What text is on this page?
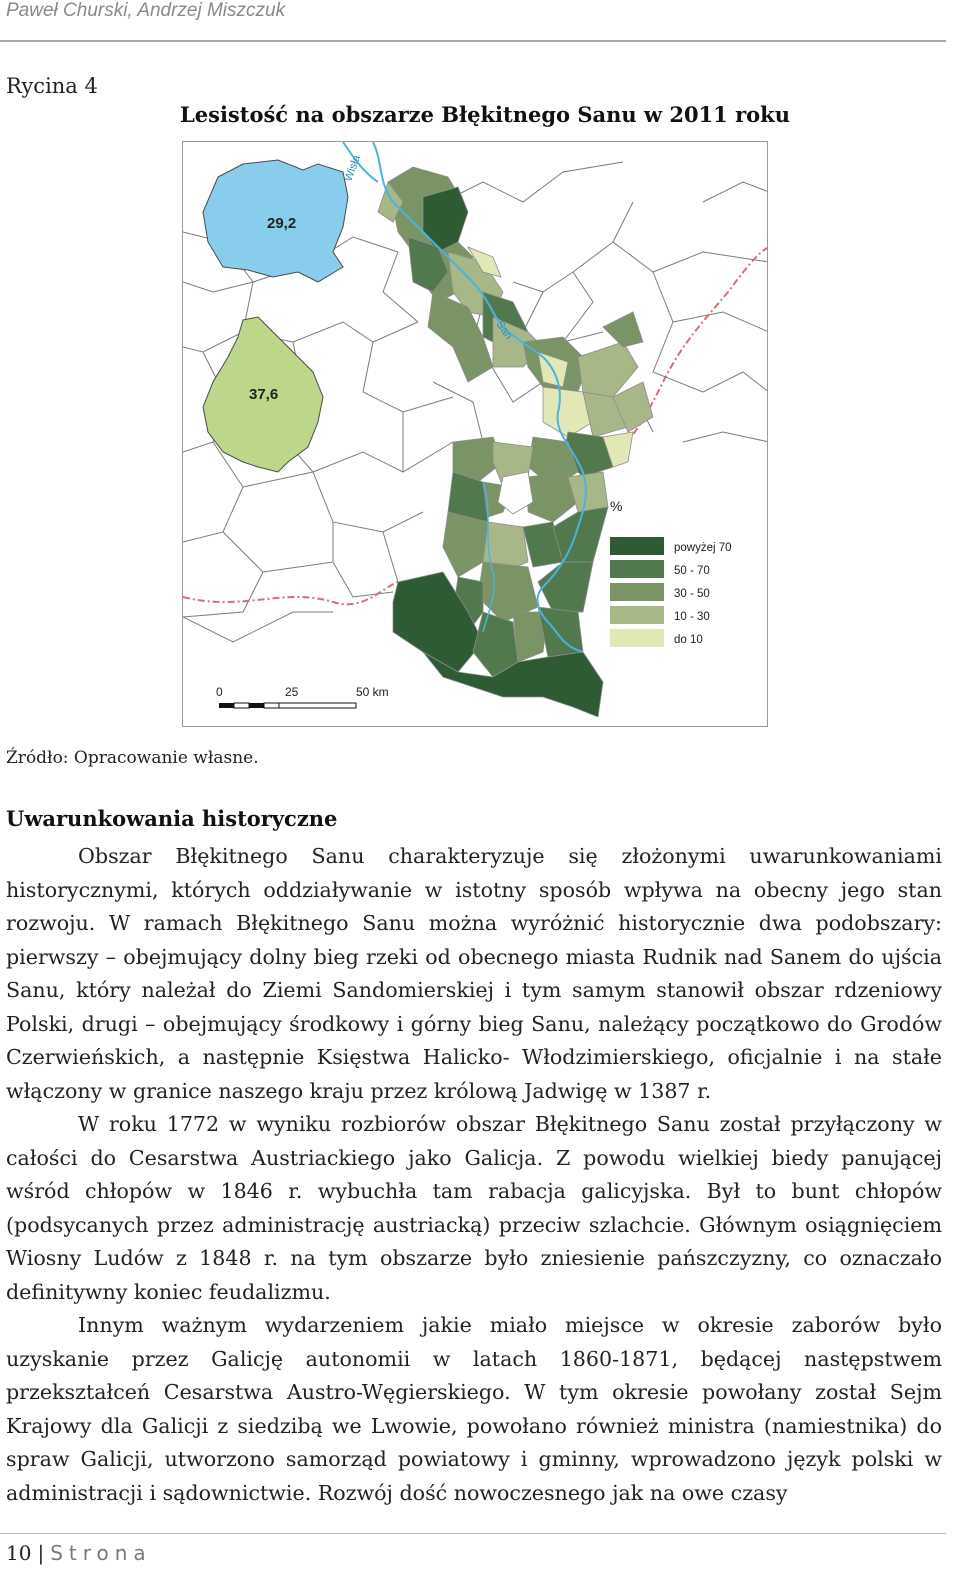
Paweł Churski, Andrzej Miszczuk
Rycina 4
Lesistość na obszarze Błękitnego Sanu w 2011 roku
Wisła
San
29,2
37,6
%
powyżej 70
50 - 70
30 - 50
10 - 30
do 10
0	25	50 km
Źródło: Opracowanie własne.
Uwarunkowania historyczne

Obszar Błękitnego Sanu charakteryzuje się złożonymi uwarunkowaniami historycznymi, których oddziaływanie w istotny sposób wpływa na obecny jego stan rozwoju. W ramach Błękitnego Sanu można wyróżnić historycznie dwa podobszary: pierwszy – obejmujący dolny bieg rzeki od obecnego miasta Rudnik nad Sanem do ujścia Sanu, który należał do Ziemi Sandomierskiej i tym samym stanowił obszar rdzeniowy Polski, drugi – obejmujący środkowy i górny bieg Sanu, należący początkowo do Grodów Czerwieńskich, a następnie Księstwa Halicko- Włodzimierskiego, oficjalnie i na stałe włączony w granice naszego kraju przez królową Jadwigę w 1387 r.

W roku 1772 w wyniku rozbiorów obszar Błękitnego Sanu został przyłączony w całości do Cesarstwa Austriackiego jako Galicja. Z powodu wielkiej biedy panującej wśród chłopów w 1846 r. wybuchła tam rabacja galicyjska. Był to bunt chłopów (podsycanych przez administrację austriacką) przeciw szlachcie. Głównym osiągnięciem Wiosny Ludów z 1848 r. na tym obszarze było zniesienie pańszczyzny, co oznaczało definitywny koniec feudalizmu.

Innym ważnym wydarzeniem jakie miało miejsce w okresie zaborów było uzyskanie przez Galicję autonomii w latach 1860-1871, będącej następstwem przekształceń Cesarstwa Austro-Węgierskiego. W tym okresie powołany został Sejm Krajowy dla Galicji z siedzibą we Lwowie, powołano również ministra (namiestnika) do spraw Galicji, utworzono samorząd powiatowy i gminny, wprowadzono język polski w administracji i sądownictwie. Rozwój dość nowoczesnego jak na owe czasy

10 | Strona
